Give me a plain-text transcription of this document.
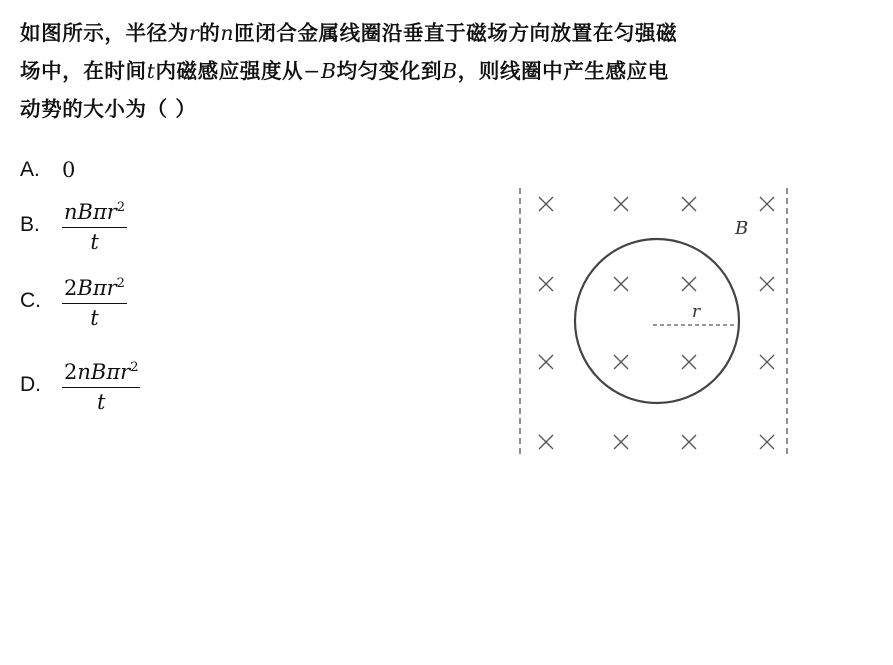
如图所示，半径为r的n匝闭合金属线圈沿垂直于磁场方向放置在匀强磁
场中，在时间t内磁感应强度从−B均匀变化到B，则线圈中产生感应电
动势的大小为（ ）
A.	0
B.	$\frac{nB\pi r^2}{t}$
C.	$\frac{2B\pi r^2}{t}$
D.	$\frac{2nB\pi r^2}{t}$
r
B
